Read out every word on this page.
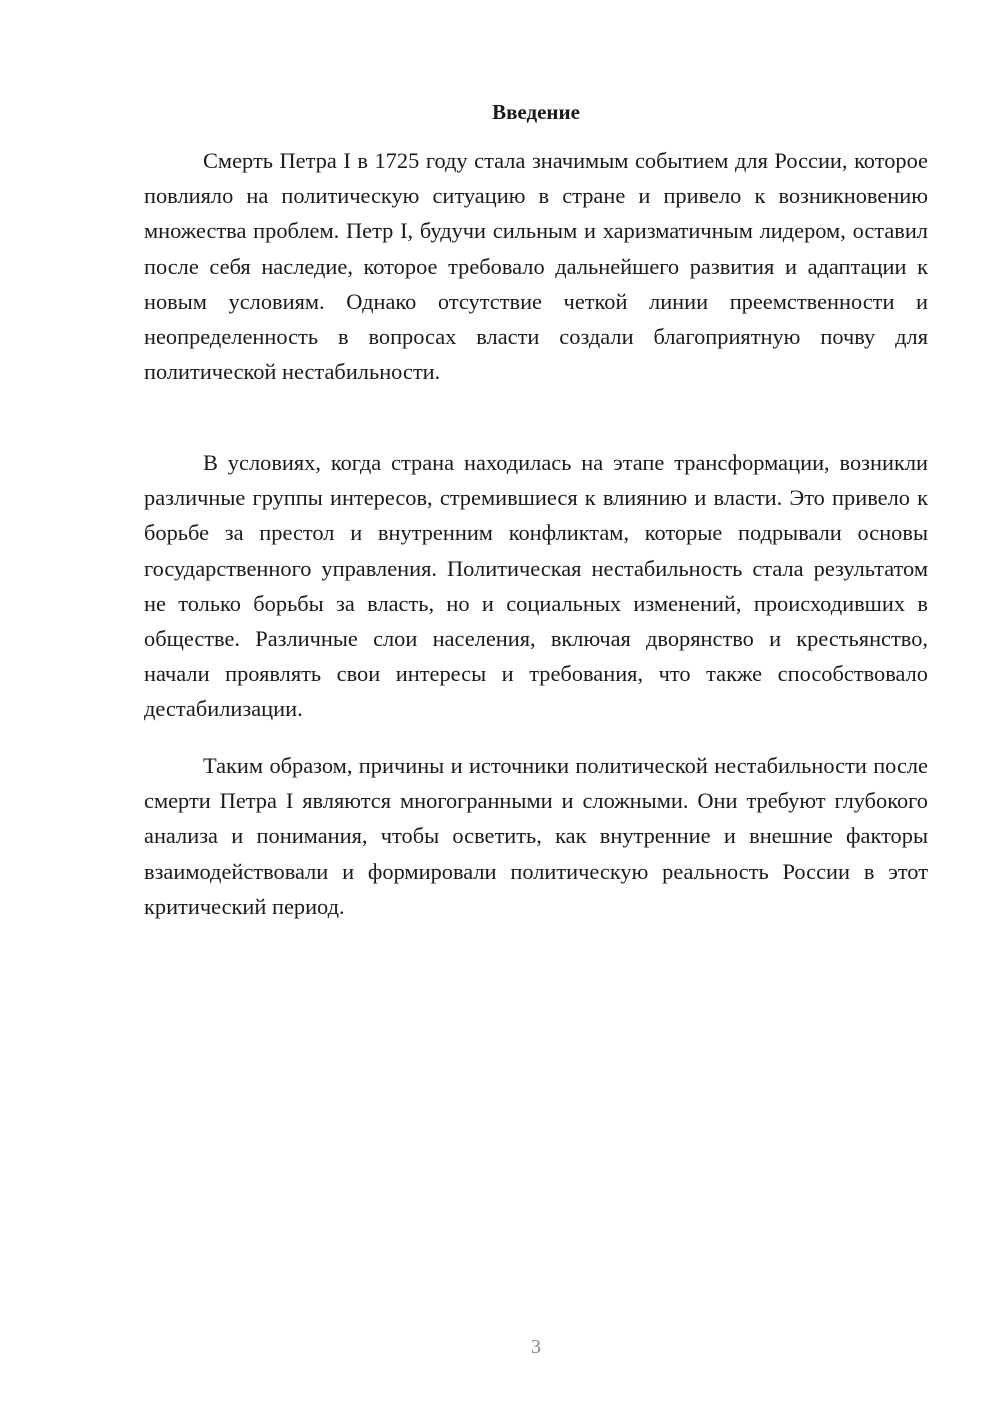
Введение

Смерть Петра I в 1725 году стала значимым событием для России, которое повлияло на политическую ситуацию в стране и привело к возникновению множества проблем. Петр I, будучи сильным и харизматичным лидером, оставил после себя наследие, которое требовало дальнейшего развития и адаптации к новым условиям. Однако отсутствие четкой линии преемственности и неопределенность в вопросах власти создали благоприятную почву для политической нестабильности.

В условиях, когда страна находилась на этапе трансформации, возникли различные группы интересов, стремившиеся к влиянию и власти. Это привело к борьбе за престол и внутренним конфликтам, которые подрывали основы государственного управления. Политическая нестабильность стала результатом не только борьбы за власть, но и социальных изменений, происходивших в обществе. Различные слои населения, включая дворянство и крестьянство, начали проявлять свои интересы и требования, что также способствовало дестабилизации.

Таким образом, причины и источники политической нестабильности после смерти Петра I являются многогранными и сложными. Они требуют глубокого анализа и понимания, чтобы осветить, как внутренние и внешние факторы взаимодействовали и формировали политическую реальность России в этот критический период.

3
